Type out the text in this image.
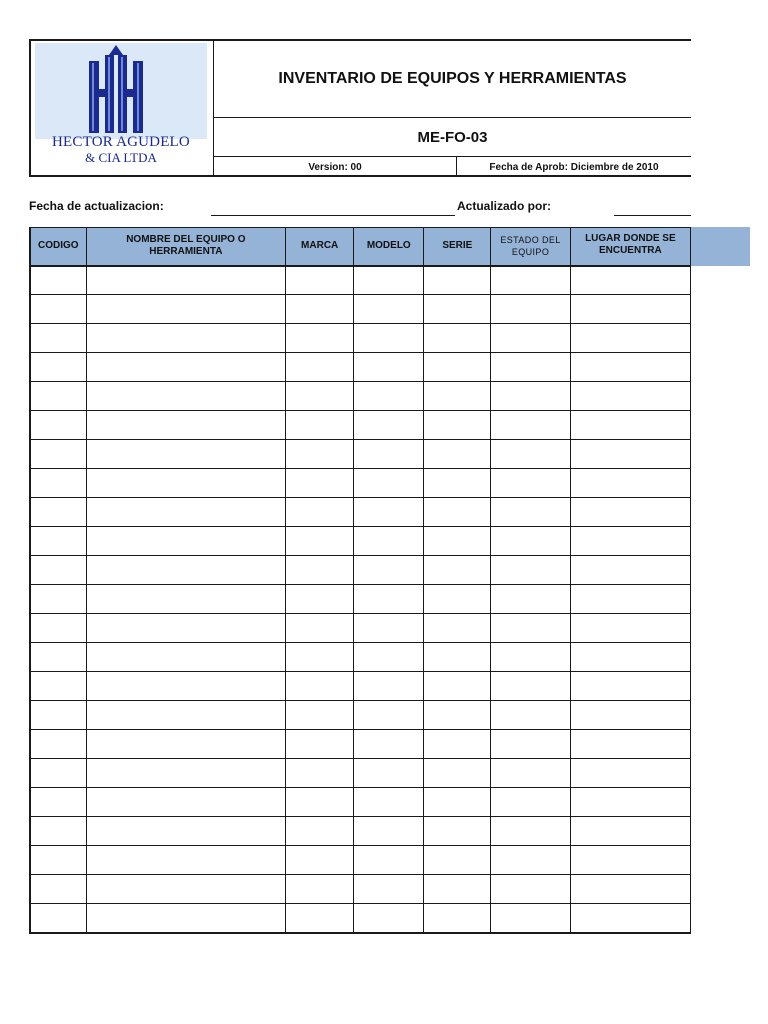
HECTOR AGUDELO
& CIA LTDA
INVENTARIO DE EQUIPOS Y HERRAMIENTAS
ME-FO-03
Version: 00	Fecha de Aprob: Diciembre de 2010
Fecha de actualizacion:	Actualizado por:
CODIGO	NOMBRE DEL EQUIPO O HERRAMIENTA	MARCA	MODELO	SERIE	ESTADO DEL EQUIPO	LUGAR DONDE SE ENCUENTRA
